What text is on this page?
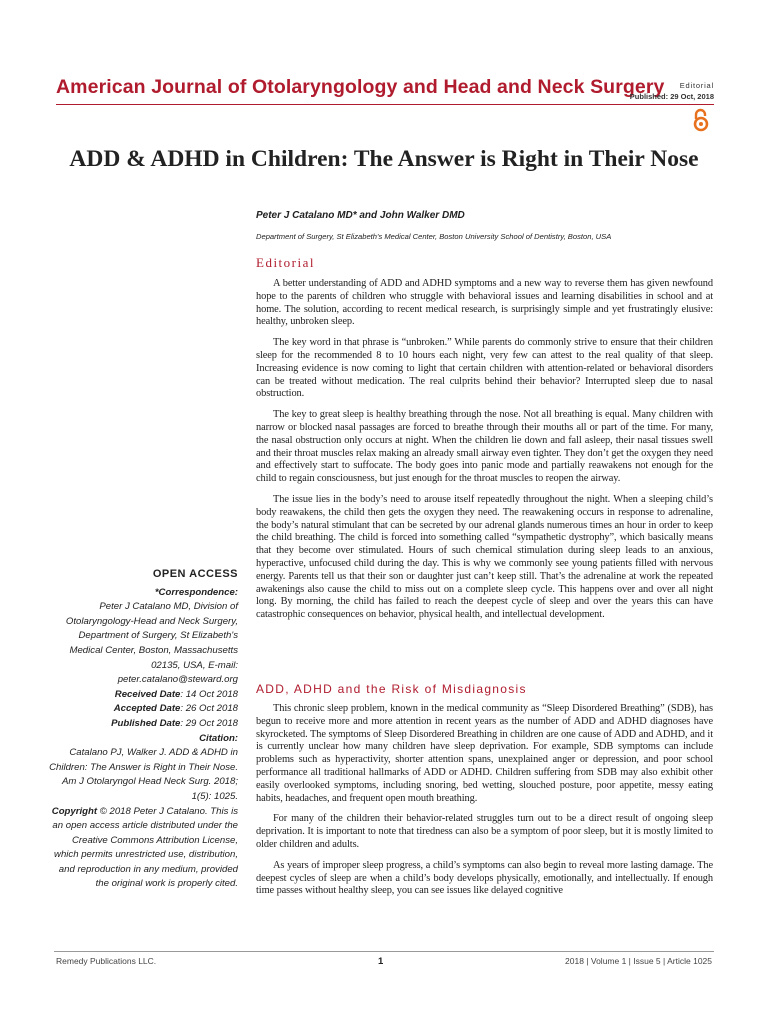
American Journal of Otolaryngology and Head and Neck Surgery	Editorial
Published: 29 Oct, 2018
ADD & ADHD in Children: The Answer is Right in Their Nose
Peter J Catalano MD* and John Walker DMD
Department of Surgery, St Elizabeth's Medical Center, Boston University School of Dentistry, Boston, USA
Editorial

A better understanding of ADD and ADHD symptoms and a new way to reverse them has given newfound hope to the parents of children who struggle with behavioral issues and learning disabilities in school and at home. The solution, according to recent medical research, is surprisingly simple and yet frustratingly elusive: healthy, unbroken sleep.

The key word in that phrase is “unbroken.” While parents do commonly strive to ensure that their children sleep for the recommended 8 to 10 hours each night, very few can attest to the real quality of that sleep. Increasing evidence is now coming to light that certain children with attention-related or behavioral disorders can be treated without medication. The real culprits behind their behavior? Interrupted sleep due to nasal obstruction.

The key to great sleep is healthy breathing through the nose. Not all breathing is equal. Many children with narrow or blocked nasal passages are forced to breathe through their mouths all or part of the time. For many, the nasal obstruction only occurs at night. When the children lie down and fall asleep, their nasal tissues swell and their throat muscles relax making an already small airway even tighter. They don’t get the oxygen they need and effectively start to suffocate. The body goes into panic mode and partially reawakens not enough for the child to regain consciousness, but just enough for the throat muscles to reopen the airway.

The issue lies in the body’s need to arouse itself repeatedly throughout the night. When a sleeping child’s body reawakens, the child then gets the oxygen they need. The reawakening occurs in response to adrenaline, the body’s natural stimulant that can be secreted by our adrenal glands numerous times an hour in order to keep the child breathing. The child is forced into something called “sympathetic dystrophy”, which basically means that they become over stimulated. Hours of such chemical stimulation during sleep leads to an anxious, hyperactive, unfocused child during the day. This is why we commonly see young patients filled with nervous energy. Parents tell us that their son or daughter just can’t keep still. That’s the adrenaline at work the repeated awakenings also cause the child to miss out on a complete sleep cycle. This happens over and over all night long. By morning, the child has failed to reach the deepest cycle of sleep and over the years this can have catastrophic consequences on behavior, physical health, and intellectual development.

ADD, ADHD and the Risk of Misdiagnosis

This chronic sleep problem, known in the medical community as “Sleep Disordered Breathing” (SDB), has begun to receive more and more attention in recent years as the number of ADD and ADHD diagnoses have skyrocketed. The symptoms of Sleep Disordered Breathing in children are one cause of ADD and ADHD, and it is currently unclear how many children have sleep deprivation. For example, SDB symptoms can include problems such as hyperactivity, shorter attention spans, unexplained anger or depression, and poor school performance all traditional hallmarks of ADD or ADHD. Children suffering from SDB may also exhibit other easily overlooked symptoms, including snoring, bed wetting, slouched posture, poor appetite, messy eating habits, headaches, and frequent open mouth breathing.

For many of the children their behavior-related struggles turn out to be a direct result of ongoing sleep deprivation. It is important to note that tiredness can also be a symptom of poor sleep, but it is mostly limited to older children and adults.

As years of improper sleep progress, a child’s symptoms can also begin to reveal more lasting damage. The deepest cycles of sleep are when a child’s body develops physically, emotionally, and intellectually. If enough time passes without healthy sleep, you can see issues like delayed cognitive

OPEN ACCESS
*Correspondence:
Peter J Catalano MD, Division of Otolaryngology-Head and Neck Surgery, Department of Surgery, St Elizabeth's Medical Center, Boston, Massachusetts 02135, USA, E-mail: peter.catalano@steward.org
Received Date: 14 Oct 2018
Accepted Date: 26 Oct 2018
Published Date: 29 Oct 2018
Citation:
Catalano PJ, Walker J. ADD & ADHD in Children: The Answer is Right in Their Nose. Am J Otolaryngol Head Neck Surg. 2018; 1(5): 1025.
Copyright © 2018 Peter J Catalano. This is an open access article distributed under the Creative Commons Attribution License, which permits unrestricted use, distribution, and reproduction in any medium, provided the original work is properly cited.
Remedy Publications LLC.	1	2018 | Volume 1 | Issue 5 | Article 1025
